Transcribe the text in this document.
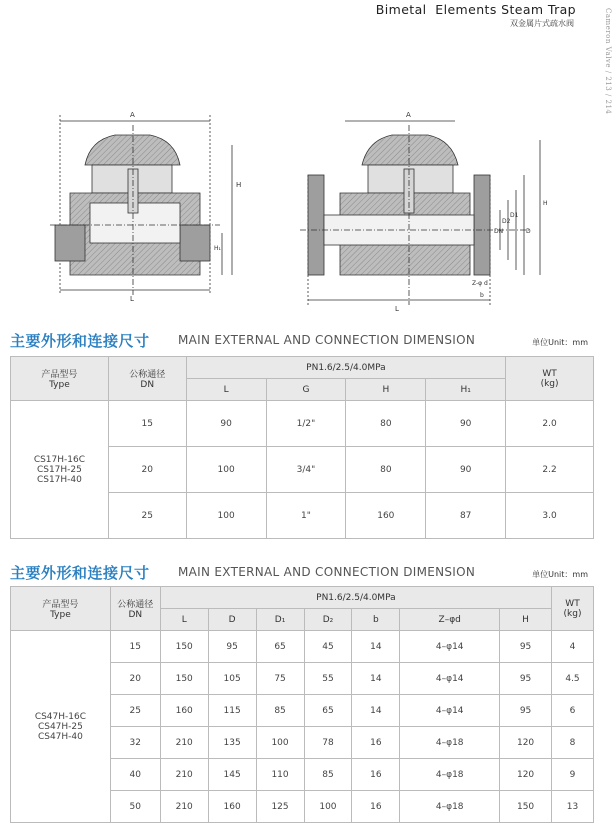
Bimetal  Elements Steam Trap
双金属片式疏水阀	Cameron Valve / 213 / 214
A
H
H₁
L
A
DN
D2
D1
D
H
Z-φ d
b
L
主要外形和连接尺寸 MAIN EXTERNAL AND CONNECTION DIMENSION	单位Unit：mm
产品型号
Type	公称通径
DN	PN1.6/2.5/4.0MPa				WT
(kg)
		L	G	H	H₁	
CS17H-16C
CS17H-25
CS17H-40	15	90	1/2"	80	90	2.0
	20	100	3/4"	80	90	2.2
	25	100	1"	160	87	3.0
主要外形和连接尺寸 MAIN EXTERNAL AND CONNECTION DIMENSION	单位Unit：mm
产品型号
Type	公称通径
DN	PN1.6/2.5/4.0MPa							WT
(kg)
		L	D	D₁	D₂	b	Z–φd	H	
CS47H-16C
CS47H-25
CS47H-40	15	150	95	65	45	14	4–φ14	95	4
	20	150	105	75	55	14	4–φ14	95	4.5
	25	160	115	85	65	14	4–φ14	95	6
	32	210	135	100	78	16	4–φ18	120	8
	40	210	145	110	85	16	4–φ18	120	9
	50	210	160	125	100	16	4–φ18	150	13
